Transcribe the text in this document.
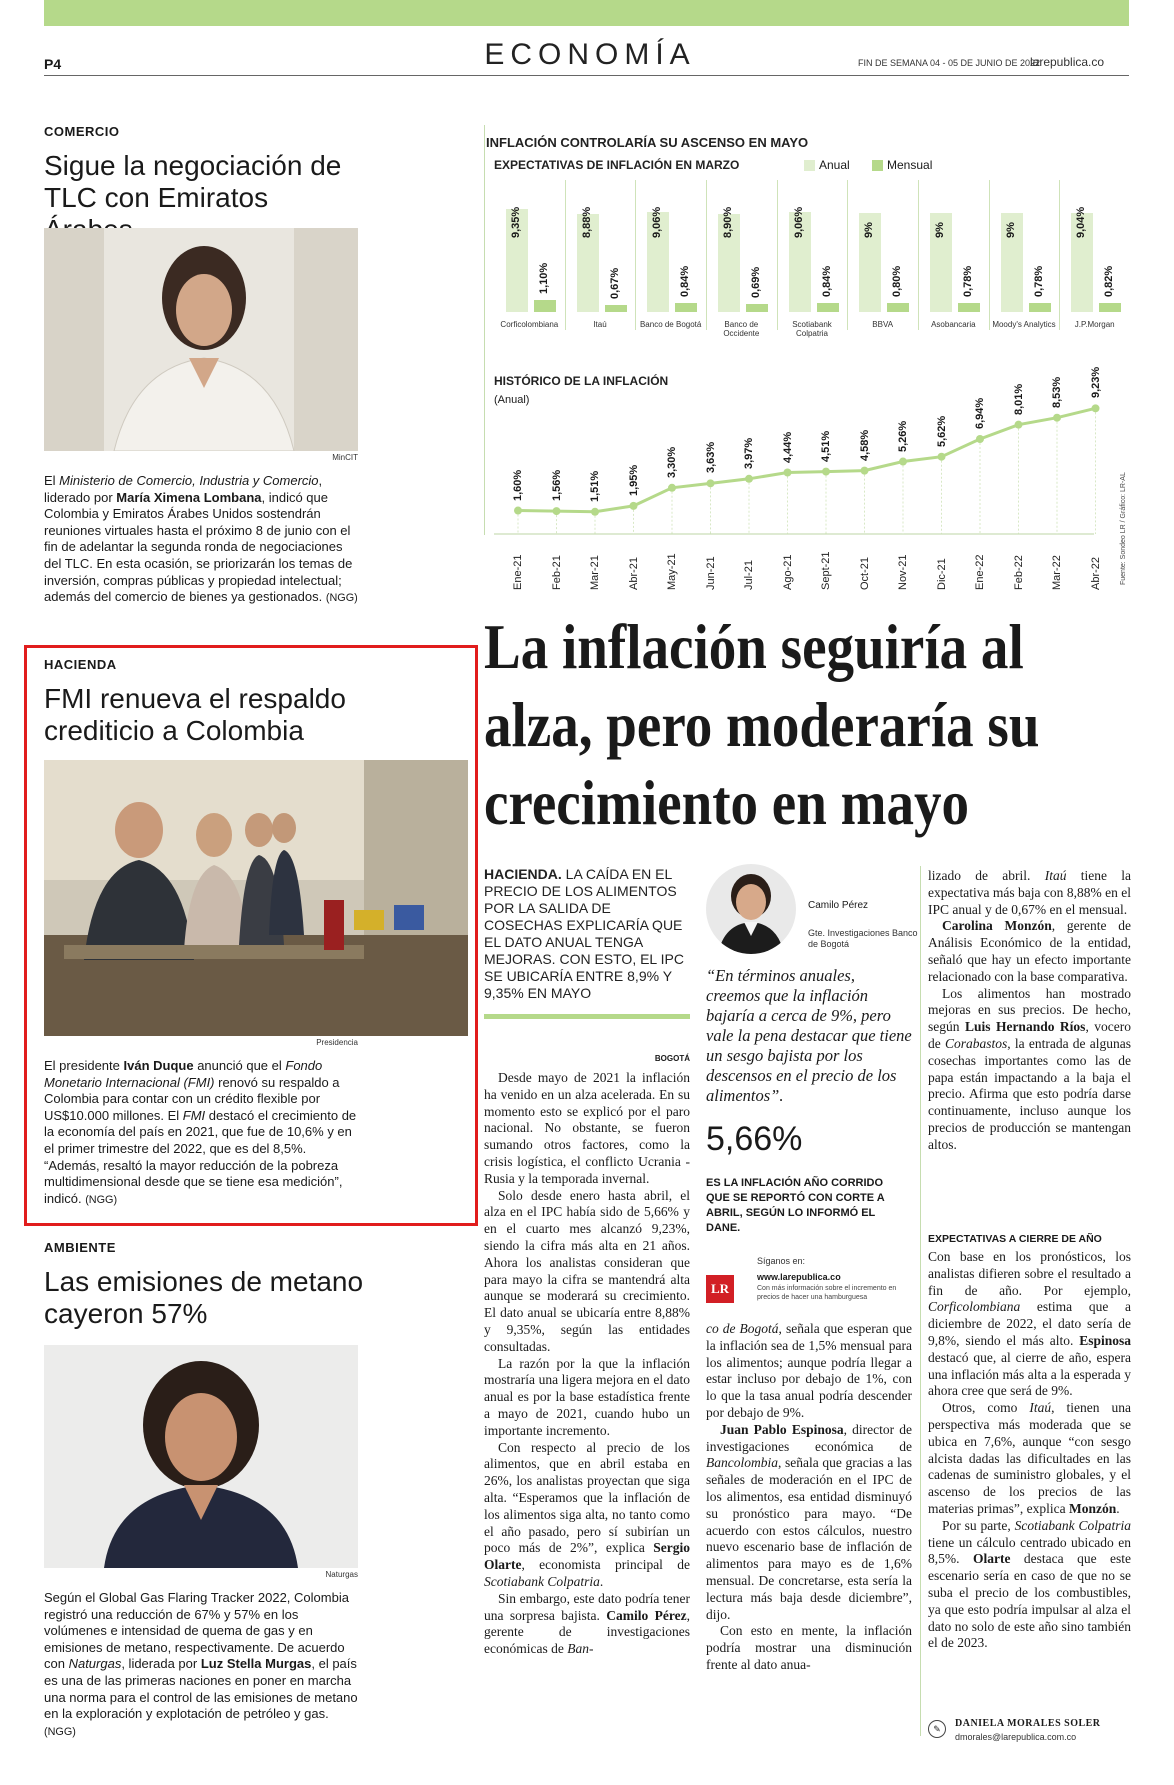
P4	ECONOMÍA	FIN DE SEMANA 04 - 05 DE JUNIO DE 2022
larepublica.co
COMERCIO
Sigue la negociación de TLC con Emiratos
MinCIT
El Ministerio de Comercio, Industria y Comercio, liderado por María Ximena Lombana, indicó que Colombia y Emiratos Árabes Unidos sostendrán reuniones virtuales hasta el próximo 8 de junio con el fin de adelantar la segunda ronda de negociaciones del TLC. En esta ocasión, se priorizarán los temas de inversión, compras públicas y propiedad intelectual; además del comercio de bienes ya gestionados. (NGG)
HACIENDA
FMI renueva el respaldo crediticio a Colombia
Presidencia
El presidente Iván Duque anunció que el Fondo Monetario Internacional (FMI) renovó su respaldo a Colombia para contar con un crédito flexible por US$10.000 millones. El FMI destacó el crecimiento de la economía del país en 2021, que fue de 10,6% y en el primer trimestre del 2022, que es del 8,5%. “Además, resaltó la mayor reducción de la pobreza multidimensional desde que se tiene esa medición”, indicó. (NGG)
AMBIENTE
Las emisiones de metano cayeron 57%
Naturgas
Según el Global Gas Flaring Tracker 2022, Colombia registró una reducción de 67% y 57% en los volúmenes e intensidad de quema de gas y en emisiones de metano, respectivamente. De acuerdo con Naturgas, liderada por Luz Stella Murgas, el país es una de las primeras naciones en poner en marcha una norma para el control de las emisiones de metano en la exploración y explotación de petróleo y gas. (NGG)
INFLACIÓN CONTROLARÍA SU ASCENSO EN MAYO
EXPECTATIVAS DE INFLACIÓN EN MARZO	Anual	Mensual
9,35%
1,10%
Corficolombiana
8,88%
0,67%
Itaú
9,06%
0,84%
Banco de Bogotá
8,90%
0,69%
Banco de Occidente
9,06%
0,84%
Scotiabank Colpatria
9%
0,80%
BBVA
9%
0,78%
Asobancaria
9%
0,78%
Moody's Analytics
9,04%
0,82%
J.P.Morgan
HISTÓRICO DE LA INFLACIÓN
(Anual)
1,60% 1,56% 1,51% 1,95%
3,30% 3,63% 3,97% 4,44% 4,51% 4,58% 5,26% 5,62%
6,94% 8,01% 8,53% 9,23%
Ene-21 Feb-21 Mar-21 Abr-21 May-21 Jun-21 Jul-21 Ago-21 Sept-21 Oct-21 Nov-21 Dic-21 Ene-22 Feb-22 Mar-22 Abr-22	Fuente: Sondeo LR / Gráfico: LR-AL
La inflación seguiría al alza, pero moderaría su crecimiento en mayo
HACIENDA. LA CAÍDA EN EL PRECIO DE LOS ALIMENTOS POR LA SALIDA DE COSECHAS EXPLICARÍA QUE EL DATO ANUAL TENGA MEJORAS. CON ESTO, EL IPC SE UBICARÍA ENTRE 8,9% Y 9,35% EN MAYO
BOGOTÁ

Desde mayo de 2021 la inflación ha venido en un alza acelerada. En su momento esto se explicó por el paro nacional. No obstante, se fueron sumando otros factores, como la crisis logística, el conflicto Ucrania - Rusia y la temporada invernal.

Solo desde enero hasta abril, el alza en el IPC había sido de 5,66% y en el cuarto mes alcanzó 9,23%, siendo la cifra más alta en 21 años. Ahora los analistas consideran que para mayo la cifra se mantendrá alta aunque se moderará su crecimiento. El dato anual se ubicaría entre 8,88% y 9,35%, según las entidades consultadas.

La razón por la que la inflación mostraría una ligera mejora en el dato anual es por la base estadística frente a mayo de 2021, cuando hubo un importante incremento.

Con respecto al precio de los alimentos, que en abril estaba en 26%, los analistas proyectan que siga alta. “Esperamos que la inflación de los alimentos siga alta, no tanto como el año pasado, pero sí subirían un poco más de 2%”, explica Sergio Olarte, economista principal de Scotiabank Colpatria.

Sin embargo, este dato podría tener una sorpresa bajista. Camilo Pérez, gerente de investigaciones económicas de Ban-

Camilo Pérez
Gte. Investigaciones Banco de Bogotá
“En términos anuales, creemos que la inflación bajaría a cerca de 9%, pero vale la pena destacar que tiene un sesgo bajista por los descensos en el precio de los alimentos”.
5,66%
ES LA INFLACIÓN AÑO CORRIDO QUE SE REPORTÓ CON CORTE A ABRIL, SEGÚN LO INFORMÓ EL DANE.
Síganos en:
LR
www.larepublica.co
Con más información sobre el incremento en precios de hacer una hamburguesa

co de Bogotá, señala que esperan que la inflación sea de 1,5% mensual para los alimentos; aunque podría llegar a estar incluso por debajo de 1%, con lo que la tasa anual podría descender por debajo de 9%.

Juan Pablo Espinosa, director de investigaciones económica de Bancolombia, señala que gracias a las señales de moderación en el IPC de los alimentos, esa entidad disminuyó su pronóstico para mayo. “De acuerdo con estos cálculos, nuestro nuevo escenario base de inflación de alimentos para mayo es de 1,6% mensual. De concretarse, esta sería la lectura más baja desde diciembre”, dijo.

Con esto en mente, la inflación podría mostrar una disminución frente al dato anua-

lizado de abril. Itaú tiene la expectativa más baja con 8,88% en el IPC anual y de 0,67% en el mensual.

Carolina Monzón, gerente de Análisis Económico de la entidad, señaló que hay un efecto importante relacionado con la base comparativa.

Los alimentos han mostrado mejoras en sus precios. De hecho, según Luis Hernando Ríos, vocero de Corabastos, la entrada de algunas cosechas importantes como las de papa están impactando a la baja el precio. Afirma que esto podría darse continuamente, incluso aunque los precios de producción se mantengan altos.

EXPECTATIVAS A CIERRE DE AÑO

Con base en los pronósticos, los analistas difieren sobre el resultado a fin de año. Por ejemplo, Corficolombiana estima que a diciembre de 2022, el dato sería de 9,8%, siendo el más alto. Espinosa destacó que, al cierre de año, espera una inflación más alta a la esperada y ahora cree que será de 9%.

Otros, como Itaú, tienen una perspectiva más moderada que se ubica en 7,6%, aunque “con sesgo alcista dadas las dificultades en las cadenas de suministro globales, y el ascenso de los precios de las materias primas”, explica Monzón.

Por su parte, Scotiabank Colpatria tiene un cálculo centrado ubicado en 8,5%. Olarte destaca que este escenario sería en caso de que no se suba el precio de los combustibles, ya que esto podría impulsar al alza el dato no solo de este año sino también el de 2023.

✎	DANIELA MORALES SOLER
dmorales@larepublica.com.co
